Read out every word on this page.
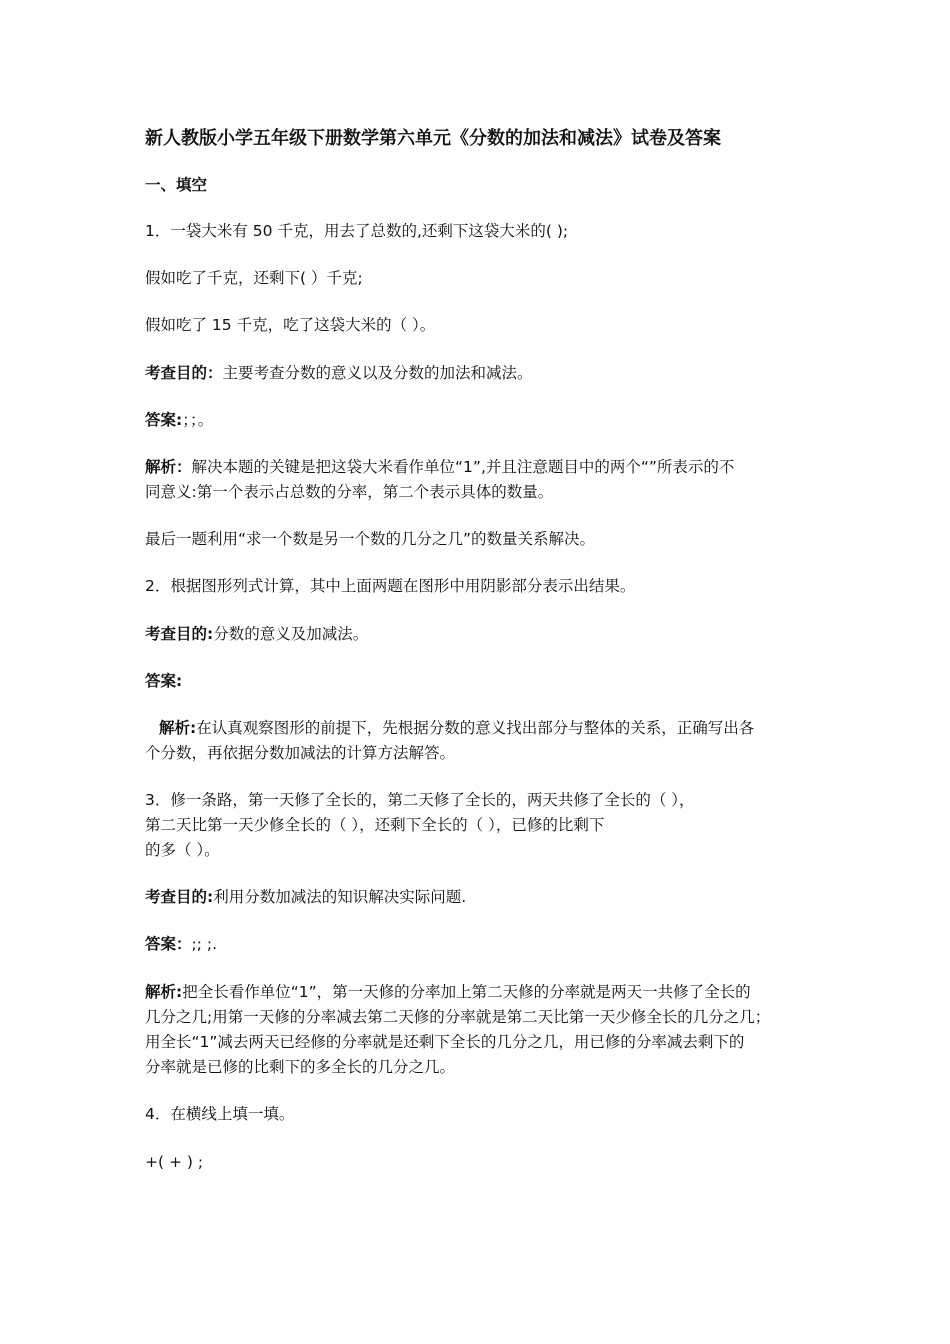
新人教版小学五年级下册数学第六单元《分数的加法和减法》试卷及答案
一、填空
1．一袋大米有 50 千克，用去了总数的,还剩下这袋大米的( );
假如吃了千克，还剩下( ）千克;
假如吃了 15 千克，吃了这袋大米的（ ）。
考查目的：主要考查分数的意义以及分数的加法和减法。
答案:；；。
解析：解决本题的关键是把这袋大米看作单位“1”,并且注意题目中的两个“”所表示的不
同意义:第一个表示占总数的分率，第二个表示具体的数量。
最后一题利用“求一个数是另一个数的几分之几”的数量关系解决。
2．根据图形列式计算，其中上面两题在图形中用阴影部分表示出结果。
考查目的:分数的意义及加减法。
答案:
解析:在认真观察图形的前提下，先根据分数的意义找出部分与整体的关系，正确写出各
个分数，再依据分数加减法的计算方法解答。
3．修一条路，第一天修了全长的，第二天修了全长的，两天共修了全长的（ ），
第二天比第一天少修全长的（ ），还剩下全长的（ ），已修的比剩下
的多（ ）。
考查目的:利用分数加减法的知识解决实际问题.
答案：;; ;.
解析:把全长看作单位“1”，第一天修的分率加上第二天修的分率就是两天一共修了全长的
几分之几;用第一天修的分率减去第二天修的分率就是第二天比第一天少修全长的几分之几；
用全长“1”减去两天已经修的分率就是还剩下全长的几分之几，用已修的分率减去剩下的
分率就是已修的比剩下的多全长的几分之几。
4．在横线上填一填。
+( + ) ;
